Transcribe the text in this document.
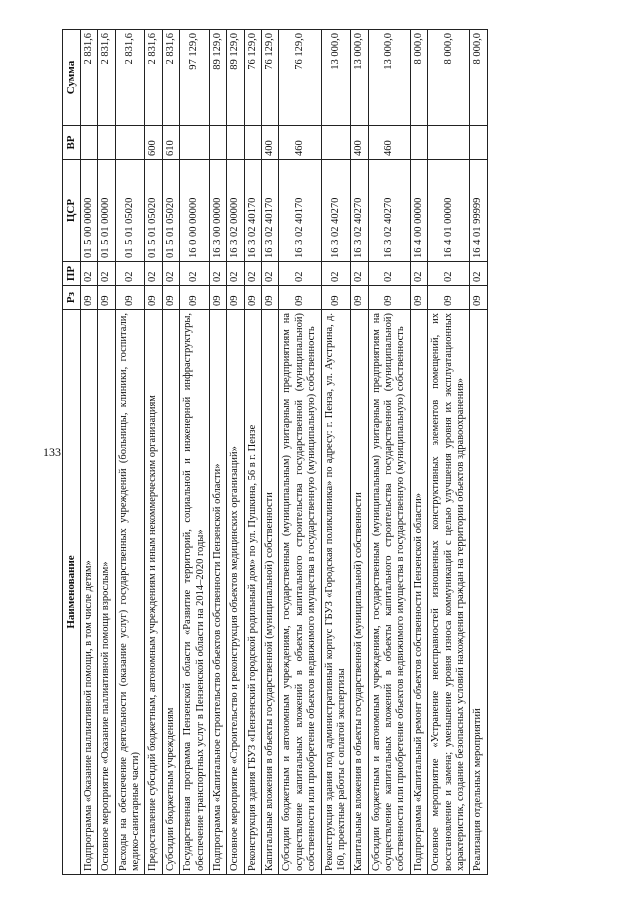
133
Наименование	Рз	ПР	ЦСР	ВР	Сумма
Подпрограмма «Оказание паллиативной помощи, в том числе детям»	09	02	01 5 00 00000		2 831,6
Основное мероприятие «Оказание паллиативной помощи взрослым»	09	02	01 5 01 00000		2 831,6
Расходы на обеспечение деятельности (оказание услуг) государственных учреждений (больницы, клиники, госпитали, медико-санитарные части)	09	02	01 5 01 05020		2 831,6
Предоставление субсидий бюджетным, автономным учреждениям и иным некоммерческим организациям	09	02	01 5 01 05020	600	2 831,6
Субсидии бюджетным учреждениям	09	02	01 5 01 05020	610	2 831,6
Государственная программа Пензенской области «Развитие территорий, социальной и инженерной инфраструктуры, обеспечение транспортных услуг в Пензенской области на 2014–2020 годы»	09	02	16 0 00 00000		97 129,0
Подпрограмма «Капитальное строительство объектов собственности Пензенской области»	09	02	16 3 00 00000		89 129,0
Основное мероприятие «Строительство и реконструкция объектов медицинских организаций»	09	02	16 3 02 00000		89 129,0
Реконструкция здания ГБУЗ «Пензенский городской родильный дом» по ул. Пушкина, 56 в г. Пензе	09	02	16 3 02 40170		76 129,0
Капитальные вложения в объекты государственной (муниципальной) собственности	09	02	16 3 02 40170	400	76 129,0
Субсидии бюджетным и автономным учреждениям, государственным (муниципальным) унитарным предприятиям на осуществление капитальных вложений в объекты капитального строительства государственной (муниципальной) собственности или приобретение объектов недвижимого имущества в государственную (муниципальную) собственность	09	02	16 3 02 40170	460	76 129,0
Реконструкция здания под административный корпус ГБУЗ «Городская поликлиника» по адресу: г. Пенза, ул. Аустрина, д. 160, проектные работы с оплатой экспертизы	09	02	16 3 02 40270		13 000,0
Капитальные вложения в объекты государственной (муниципальной) собственности	09	02	16 3 02 40270	400	13 000,0
Субсидии бюджетным и автономным учреждениям, государственным (муниципальным) унитарным предприятиям на осуществление капитальных вложений в объекты капитального строительства государственной (муниципальной) собственности или приобретение объектов недвижимого имущества в государственную (муниципальную) собственность	09	02	16 3 02 40270	460	13 000,0
Подпрограмма «Капитальный ремонт объектов собственности Пензенской области»	09	02	16 4 00 00000		8 000,0
Основное мероприятие «Устранение неисправностей изношенных конструктивных элементов помещений, их восстановление и замена; уменьшение уровня износа коммуникаций с целью улучшения уровня их эксплуатационных характеристик, создание безопасных условий нахождения граждан на территории объектов здравоохранения»	09	02	16 4 01 00000		8 000,0
Реализация отдельных мероприятий	09	02	16 4 01 99999		8 000,0
